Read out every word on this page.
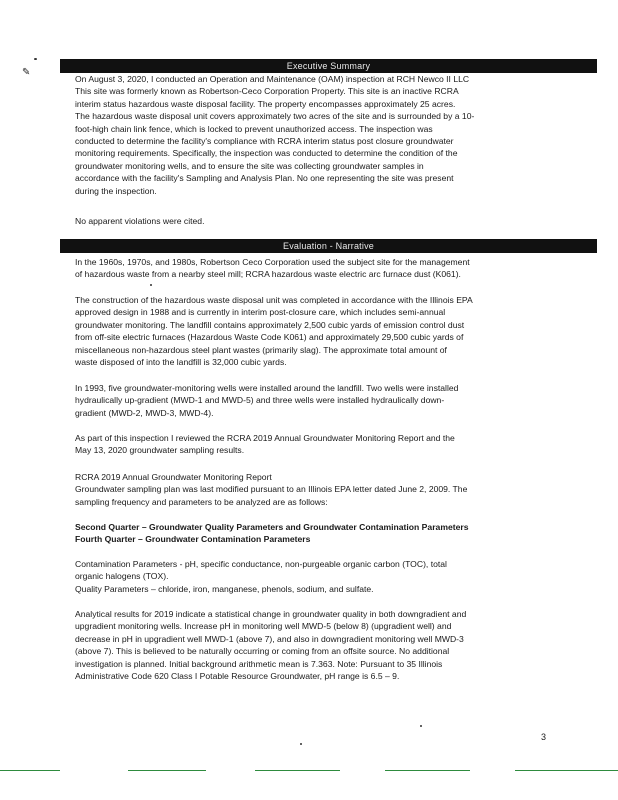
✎
Executive Summary

On August 3, 2020, I conducted an Operation and Maintenance (OAM) inspection at RCH Newco II LLC
This site was formerly known as Robertson-Ceco Corporation Property. This site is an inactive RCRA
interim status hazardous waste disposal facility. The property encompasses approximately 25 acres.
The hazardous waste disposal unit covers approximately two acres of the site and is surrounded by a 10-
foot-high chain link fence, which is locked to prevent unauthorized access. The inspection was
conducted to determine the facility's compliance with RCRA interim status post closure groundwater
monitoring requirements. Specifically, the inspection was conducted to determine the condition of the
groundwater monitoring wells, and to ensure the site was collecting groundwater samples in
accordance with the facility's Sampling and Analysis Plan. No one representing the site was present
during the inspection.

No apparent violations were cited.

Evaluation - Narrative

In the 1960s, 1970s, and 1980s, Robertson Ceco Corporation used the subject site for the management
of hazardous waste from a nearby steel mill; RCRA hazardous waste electric arc furnace dust (K061).

The construction of the hazardous waste disposal unit was completed in accordance with the Illinois EPA
approved design in 1988 and is currently in interim post-closure care, which includes semi-annual
groundwater monitoring. The landfill contains approximately 2,500 cubic yards of emission control dust
from off-site electric furnaces (Hazardous Waste Code K061) and approximately 29,500 cubic yards of
miscellaneous non-hazardous steel plant wastes (primarily slag). The approximate total amount of
waste disposed of into the landfill is 32,000 cubic yards.

In 1993, five groundwater-monitoring wells were installed around the landfill. Two wells were installed
hydraulically up-gradient (MWD-1 and MWD-5) and three wells were installed hydraulically down-
gradient (MWD-2, MWD-3, MWD-4).

As part of this inspection I reviewed the RCRA 2019 Annual Groundwater Monitoring Report and the
May 13, 2020 groundwater sampling results.

RCRA 2019 Annual Groundwater Monitoring Report
Groundwater sampling plan was last modified pursuant to an Illinois EPA letter dated June 2, 2009. The
sampling frequency and parameters to be analyzed are as follows:

Second Quarter – Groundwater Quality Parameters and Groundwater Contamination Parameters
Fourth Quarter – Groundwater Contamination Parameters

Contamination Parameters - pH, specific conductance, non-purgeable organic carbon (TOC), total
organic halogens (TOX).
Quality Parameters – chloride, iron, manganese, phenols, sodium, and sulfate.

Analytical results for 2019 indicate a statistical change in groundwater quality in both downgradient and
upgradient monitoring wells. Increase pH in monitoring well MWD-5 (below 8) (upgradient well) and
decrease in pH in upgradient well MWD-1 (above 7), and also in downgradient monitoring well MWD-3
(above 7). This is believed to be naturally occurring or coming from an offsite source. No additional
investigation is planned. Initial background arithmetic mean is 7.363. Note: Pursuant to 35 Illinois
Administrative Code 620 Class I Potable Resource Groundwater, pH range is 6.5 – 9.

3
